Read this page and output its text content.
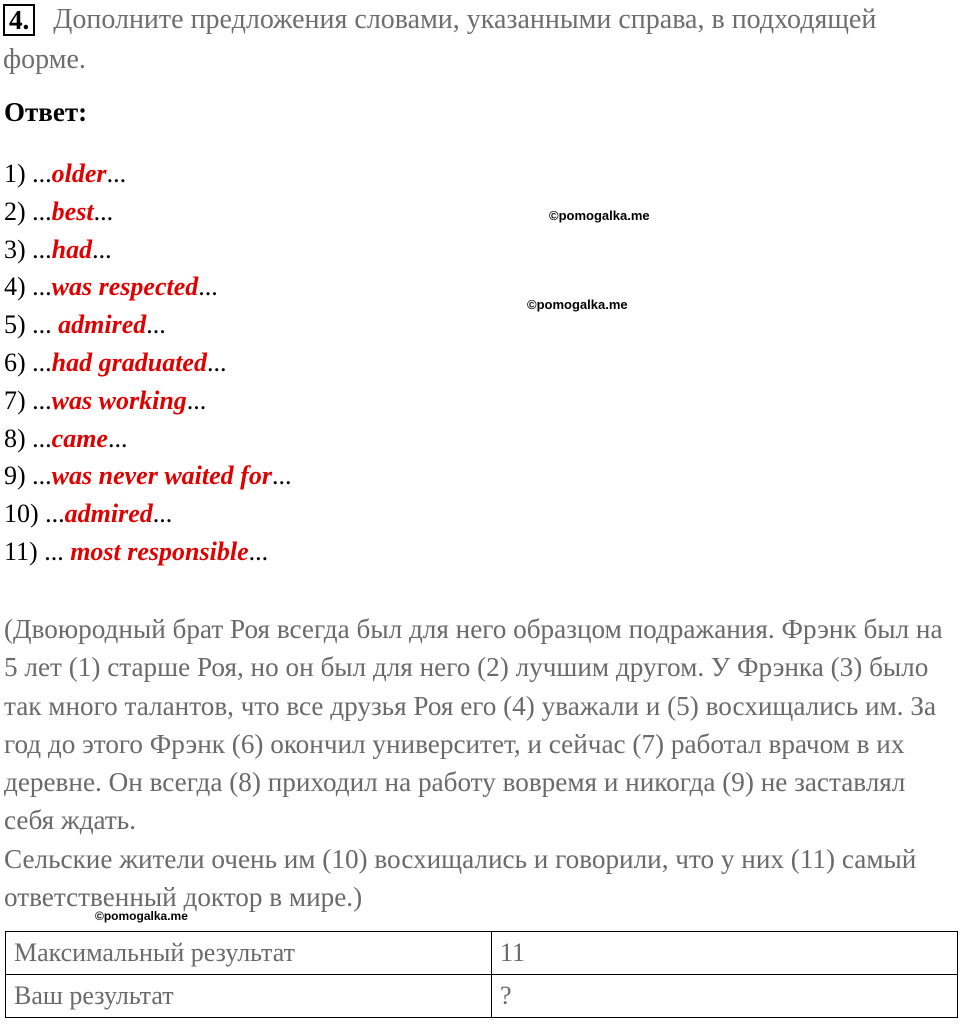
4. Дополните предложения словами, указанными справа, в подходящей форме.
Ответ:
1) ...older...
2) ...best...
3) ...had...
4) ...was respected...
5) ... admired...
6) ...had graduated...
7) ...was working...
8) ...came...
9) ...was never waited for...
10) ...admired...
11) ... most responsible...
©pomogalka.me
©pomogalka.me
©pomogalka.me

(Двоюродный брат Роя всегда был для него образцом подражания. Фрэнк был на 5 лет (1) старше Роя, но он был для него (2) лучшим другом. У Фрэнка (3) было так много талантов, что все друзья Роя его (4) уважали и (5) восхищались им. За год до этого Фрэнк (6) окончил университет, и сейчас (7) работал врачом в их деревне. Он всегда (8) приходил на работу вовремя и никогда (9) не заставлял себя ждать.
Сельские жители очень им (10) восхищались и говорили, что у них (11) самый ответственный доктор в мире.)

Максимальный результат	11
Ваш результат	?
